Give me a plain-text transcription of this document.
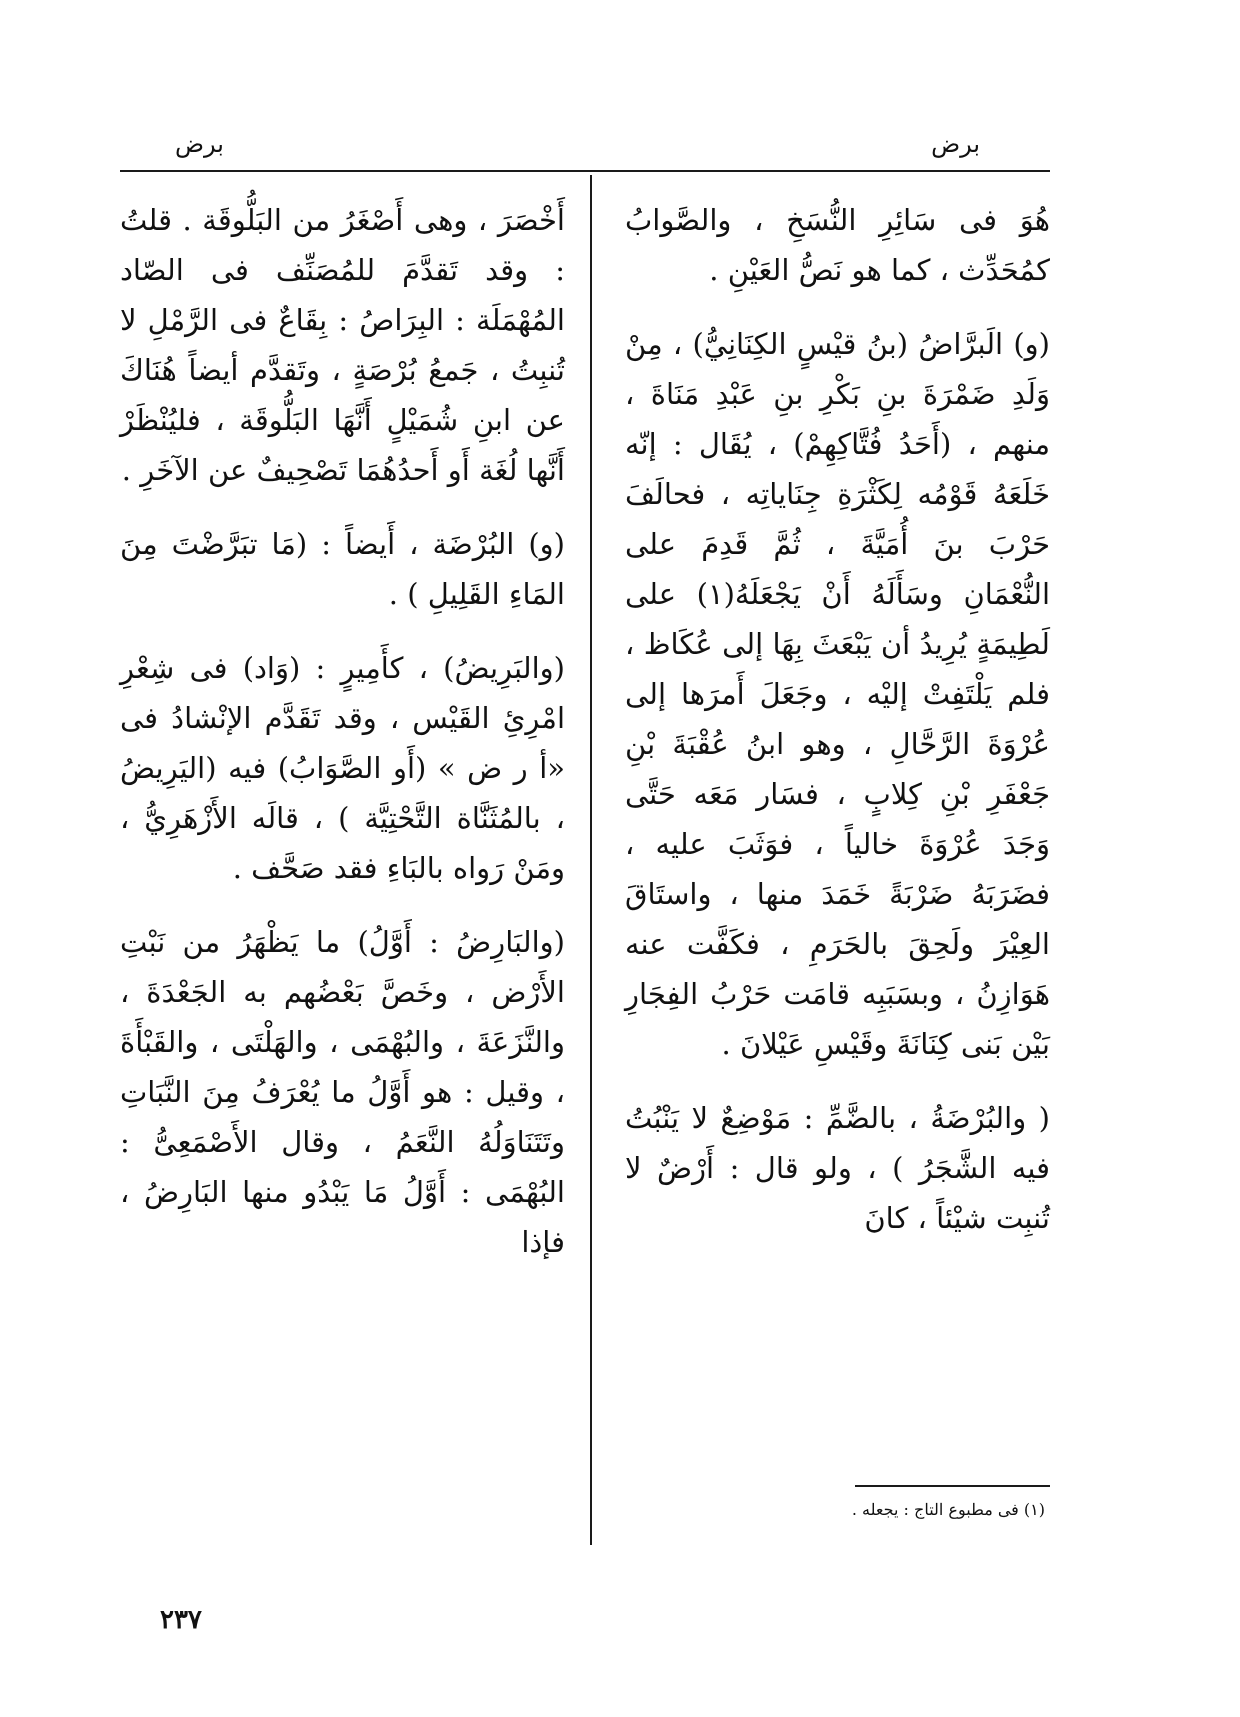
برض
برض

هُوَ فى سَائِرِ النُّسَخِ ، والصَّوابُ كمُحَدِّث ، كما هو نَصُّ العَيْنِ .

(و) الَبرَّاضُ (بنُ قيْسٍ الكِنَانِيُّ) ، مِنْ وَلَدِ ضَمْرَةَ بنِ بَكْرِ بنِ عَبْدِ مَنَاةَ ، منهم ، (أَحَدُ فُتَّاكِهِمْ) ، يُقَال : إنّه خَلَعَهُ قَوْمُه لِكَثْرَةِ جِنَاياتِه ، فحالَفَ حَرْبَ بنَ أُمَيَّةَ ، ثُمَّ قَدِمَ على النُّعْمَانِ وسَأَلَهُ أَنْ يَجْعَلَهُ(١) على لَطِيمَةٍ يُرِيدُ أن يَبْعَثَ بِهَا إلى عُكَاظ ، فلم يَلْتَفِتْ إليْه ، وجَعَلَ أَمرَها إلى عُرْوَةَ الرَّحَّالِ ، وهو ابنُ عُقْبَةَ بْنِ جَعْفَرِ بْنِ كِلابٍ ، فسَار مَعَه حَتَّى وَجَدَ عُرْوَةَ خالياً ، فوَثَبَ عليه ، فضَرَبَهُ ضَرْبَةً خَمَدَ منها ، واستَاقَ العِيْرَ ولَحِقَ بالحَرَمِ ، فكَفَّت عنه هَوَازِنُ ، وبسَبَبِه قامَت حَرْبُ الفِجَارِ بَيْن بَنى كِنَانَةَ وقَيْسِ عَيْلانَ .

( والبُرْضَةُ ، بالضَّمِّ : مَوْضِعٌ لا يَنْبُتُ فيه الشَّجَرُ ) ، ولو قال : أَرْضٌ لا تُنبِت شيْئاً ، كانَ

أَخْصَرَ ، وهى أَصْغَرُ من البَلُّوقَة . قلتُ : وقد تَقدَّمَ للمُصَنِّف فى الصّاد المُهْمَلَة : البِرَاصُ : بِقَاعٌ فى الرَّمْلِ لا تُنبِتُ ، جَمعُ بُرْصَةٍ ، وتَقدَّم أيضاً هُنَاكَ عن ابنِ شُمَيْلٍ أَنَّهَا البَلُّوقَة ، فليُنْظَرْ أَنَّها لُغَة أَو أَحدُهُمَا تَصْحِيفٌ عن الآخَرِ .

(و) البُرْضَة ، أَيضاً : (مَا تبَرَّضْتَ مِنَ المَاءِ القَلِيلِ ) .

(والبَرِيضُ) ، كأَمِيرٍ : (وَاد) فى شِعْرِ امْرِئِ القَيْس ، وقد تَقَدَّم الإنْشادُ فى «أ ر ض » (أَو الصَّوَابُ) فيه (اليَرِيضُ ، بالمُثَنَّاة التَّحْتِيَّة ) ، قالَه الأَزْهَرِيُّ ، ومَنْ رَواه بالبَاءِ فقد صَحَّف .

(والبَارِضُ : أَوَّلُ) ما يَظْهَرُ من نَبْتِ الأَرْض ، وخَصَّ بَعْضُهم به الجَعْدَةَ ، والنَّزَعَةَ ، والبُهْمَى ، والهَلْتَى ، والقَبْأَةَ ، وقيل : هو أَوَّلُ ما يُعْرَفُ مِنَ النَّبَاتِ وتَتَنَاوَلُهُ النَّعَمُ ، وقال الأَصْمَعِىُّ : البُهْمَى : أَوَّلُ مَا يَبْدُو منها البَارِضُ ، فإذا

(١) فى مطبوع التاج : يجعله .
٢٣٧
